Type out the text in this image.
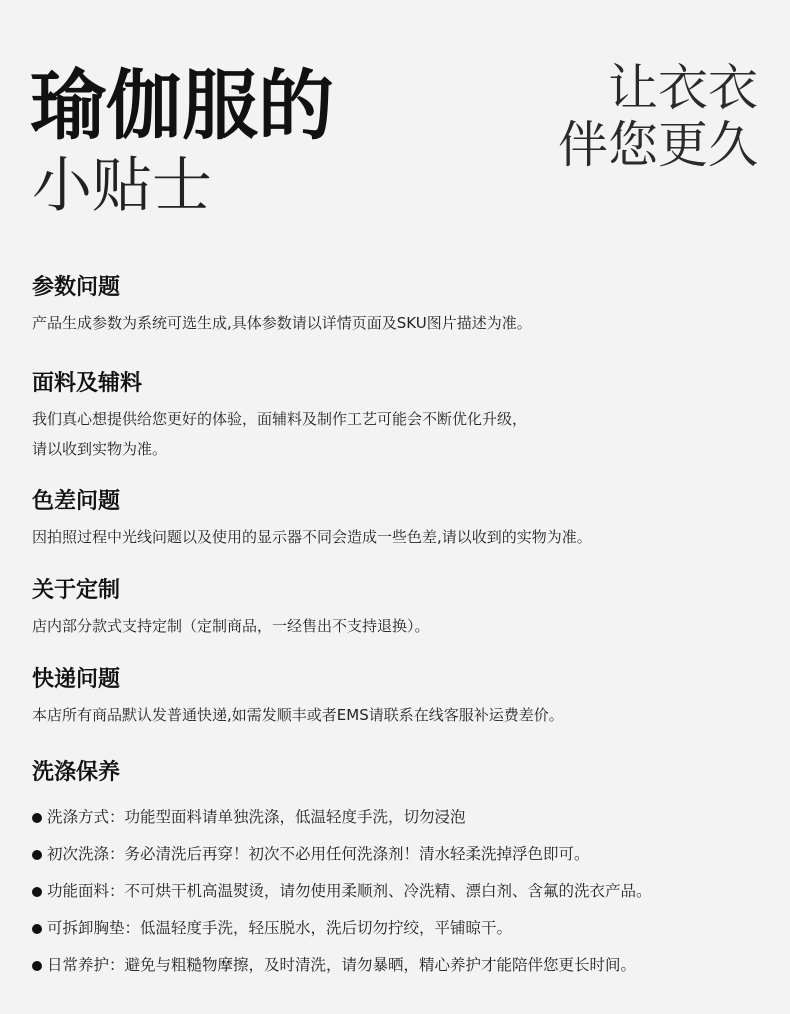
瑜伽服的
小贴士
让衣衣
伴您更久
参数问题
产品生成参数为系统可选生成,具体参数请以详情页面及SKU图片描述为准。
面料及辅料
我们真心想提供给您更好的体验，面辅料及制作工艺可能会不断优化升级，
请以收到实物为准。
色差问题
因拍照过程中光线问题以及使用的显示器不同会造成一些色差,请以收到的实物为准。
关于定制
店内部分款式支持定制（定制商品，一经售出不支持退换）。
快递问题
本店所有商品默认发普通快递,如需发顺丰或者EMS请联系在线客服补运费差价。
洗涤保养
洗涤方式：功能型面料请单独洗涤，低温轻度手洗，切勿浸泡
初次洗涤：务必清洗后再穿！初次不必用任何洗涤剂！清水轻柔洗掉浮色即可。
功能面料：不可烘干机高温熨烫，请勿使用柔顺剂、冷洗精、漂白剂、含氟的洗衣产品。
可拆卸胸垫：低温轻度手洗，轻压脱水，洗后切勿拧绞，平铺晾干。
日常养护：避免与粗糙物摩擦，及时清洗，请勿暴晒，精心养护才能陪伴您更长时间。
